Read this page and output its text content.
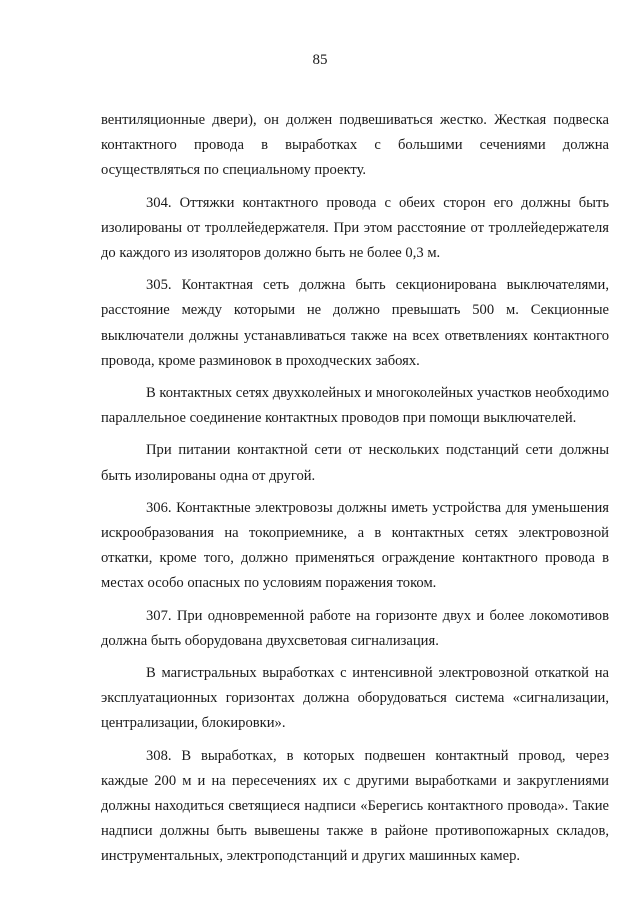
85

вентиляционные двери), он должен подвешиваться жестко. Жесткая подвеска контактного провода в выработках с большими сечениями должна осуществляться по специальному проекту.

304. Оттяжки контактного провода с обеих сторон его должны быть изолированы от троллейедержателя. При этом расстояние от троллейедержателя до каждого из изоляторов должно быть не более 0,3 м.

305. Контактная сеть должна быть секционирована выключателями, расстояние между которыми не должно превышать 500 м. Секционные выключатели должны устанавливаться также на всех ответвлениях контактного провода, кроме разминовок в проходческих забоях.

В контактных сетях двухколейных и многоколейных участков необходимо параллельное соединение контактных проводов при помощи выключателей.

При питании контактной сети от нескольких подстанций сети должны быть изолированы одна от другой.

306. Контактные электровозы должны иметь устройства для уменьшения искрообразования на токоприемнике, а в контактных сетях электровозной откатки, кроме того, должно применяться ограждение контактного провода в местах особо опасных по условиям поражения током.

307. При одновременной работе на горизонте двух и более локомотивов должна быть оборудована двухсветовая сигнализация.

В магистральных выработках с интенсивной электровозной откаткой на эксплуатационных горизонтах должна оборудоваться система «сигнализации, централизации, блокировки».

308. В выработках, в которых подвешен контактный провод, через каждые 200 м и на пересечениях их с другими выработками и закруглениями должны находиться светящиеся надписи «Берегись контактного провода». Такие надписи должны быть вывешены также в районе противопожарных складов, инструментальных, электроподстанций и других машинных камер.
